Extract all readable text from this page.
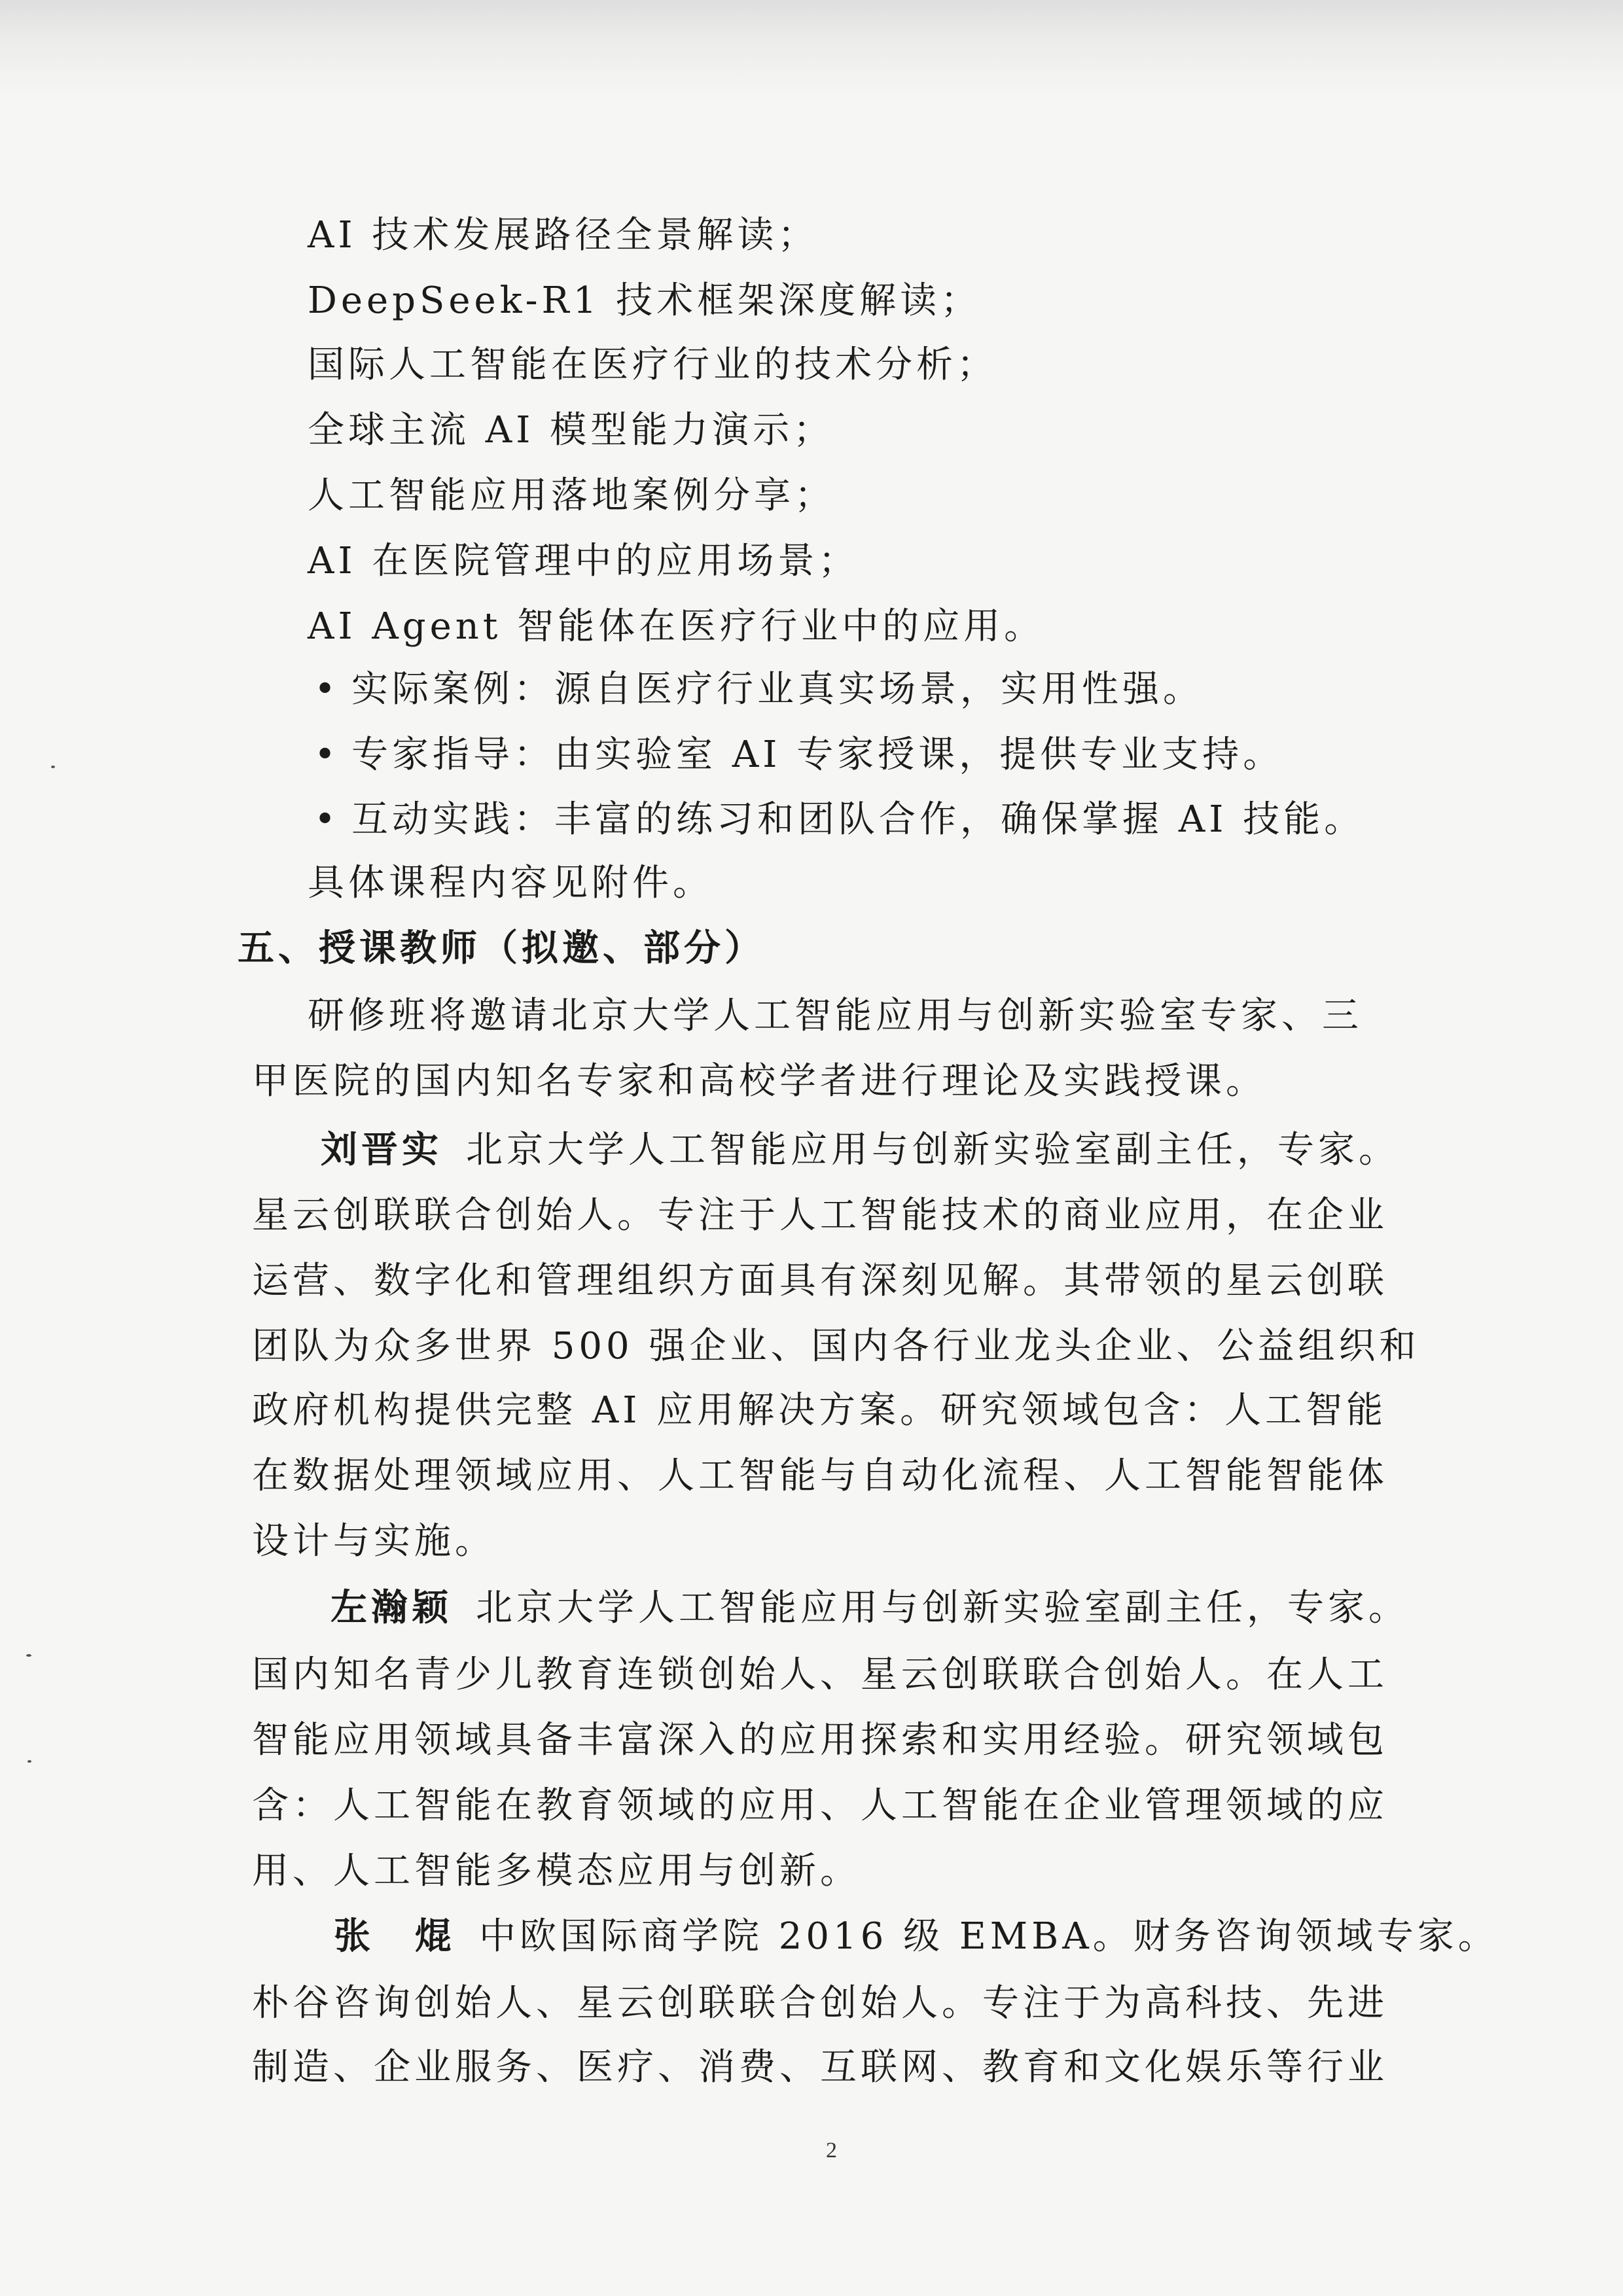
AI 技术发展路径全景解读；
DeepSeek-R1 技术框架深度解读；
国际人工智能在医疗行业的技术分析；
全球主流 AI 模型能力演示；
人工智能应用落地案例分享；
AI 在医院管理中的应用场景；
AI Agent 智能体在医疗行业中的应用。
• 实际案例：源自医疗行业真实场景，实用性强。
• 专家指导：由实验室 AI 专家授课，提供专业支持。
• 互动实践：丰富的练习和团队合作，确保掌握 AI 技能。
具体课程内容见附件。
五、授课教师（拟邀、部分）
研修班将邀请北京大学人工智能应用与创新实验室专家、三
甲医院的国内知名专家和高校学者进行理论及实践授课。
刘晋实 北京大学人工智能应用与创新实验室副主任，专家。
星云创联联合创始人。专注于人工智能技术的商业应用，在企业
运营、数字化和管理组织方面具有深刻见解。其带领的星云创联
团队为众多世界 500 强企业、国内各行业龙头企业、公益组织和
政府机构提供完整 AI 应用解决方案。研究领域包含：人工智能
在数据处理领域应用、人工智能与自动化流程、人工智能智能体
设计与实施。
左瀚颖 北京大学人工智能应用与创新实验室副主任，专家。
国内知名青少儿教育连锁创始人、星云创联联合创始人。在人工
智能应用领域具备丰富深入的应用探索和实用经验。研究领域包
含：人工智能在教育领域的应用、人工智能在企业管理领域的应
用、人工智能多模态应用与创新。
张　焜 中欧国际商学院 2016 级 EMBA。财务咨询领域专家。
朴谷咨询创始人、星云创联联合创始人。专注于为高科技、先进
制造、企业服务、医疗、消费、互联网、教育和文化娱乐等行业
2
